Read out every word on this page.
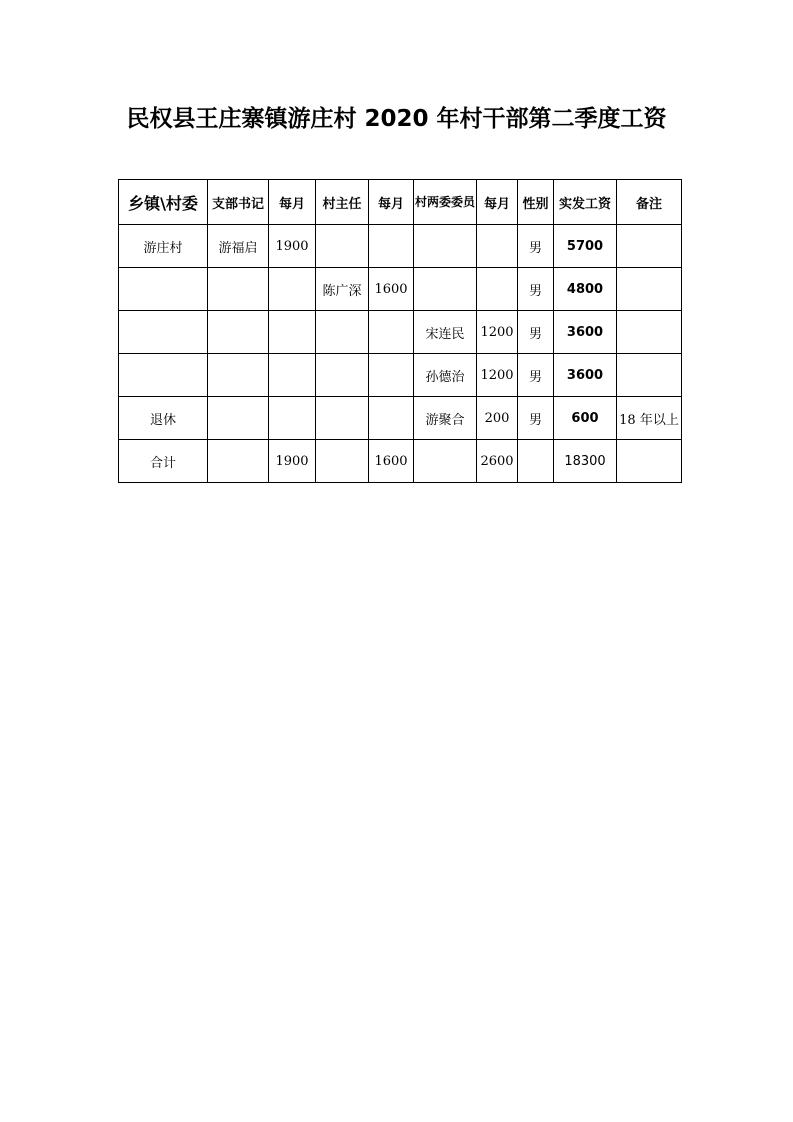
民权县王庄寨镇游庄村 2020 年村干部第二季度工资
乡镇\村委	支部书记	每月	村主任	每月	村两委委员	每月	性别	实发工资	备注
游庄村	游福启	1900					男	5700	
			陈广深	1600			男	4800	
					宋连民	1200	男	3600	
					孙德治	1200	男	3600	
退休					游聚合	200	男	600	18 年以上
合计		1900		1600		2600		18300	
